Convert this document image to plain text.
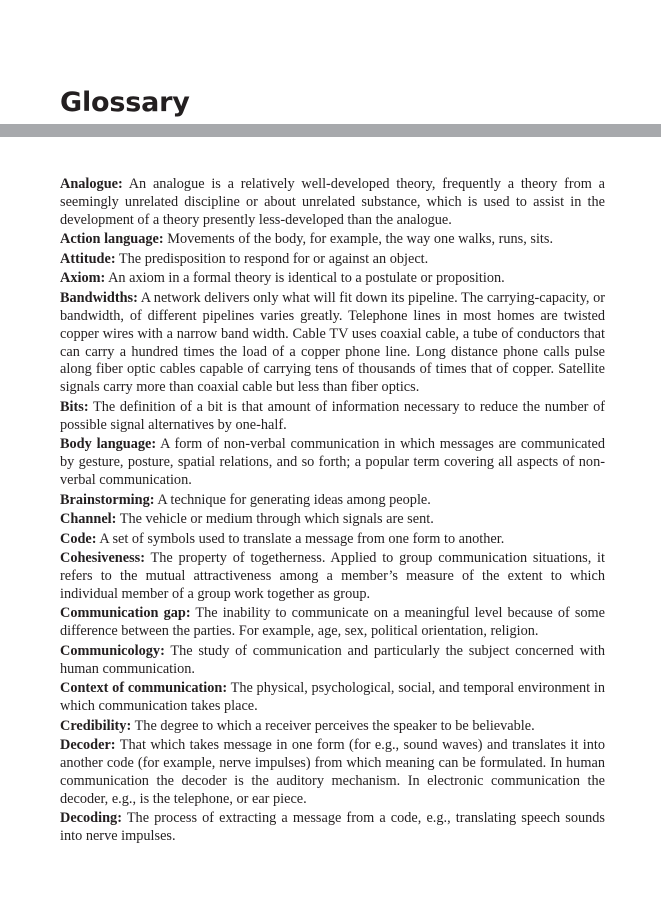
Glossary
Analogue: An analogue is a relatively well-developed theory, frequently a theory from a seemingly unrelated discipline or about unrelated substance, which is used to assist in the development of a theory presently less-developed than the analogue.
Action language: Movements of the body, for example, the way one walks, runs, sits.
Attitude: The predisposition to respond for or against an object.
Axiom: An axiom in a formal theory is identical to a postulate or proposition.
Bandwidths: A network delivers only what will fit down its pipeline. The carrying-capacity, or bandwidth, of different pipelines varies greatly. Telephone lines in most homes are twisted copper wires with a narrow band width. Cable TV uses coaxial cable, a tube of conductors that can carry a hundred times the load of a copper phone line. Long distance phone calls pulse along fiber optic cables capable of carrying tens of thousands of times that of copper. Satellite signals carry more than coaxial cable but less than fiber optics.
Bits: The definition of a bit is that amount of information necessary to reduce the number of possible signal alternatives by one-half.
Body language: A form of non-verbal communication in which messages are communicated by gesture, posture, spatial relations, and so forth; a popular term covering all aspects of non-verbal communication.
Brainstorming: A technique for generating ideas among people.
Channel: The vehicle or medium through which signals are sent.
Code: A set of symbols used to translate a message from one form to another.
Cohesiveness: The property of togetherness. Applied to group communication situations, it refers to the mutual attractiveness among a member’s measure of the extent to which individual member of a group work together as group.
Communication gap: The inability to communicate on a meaningful level because of some difference between the parties. For example, age, sex, political orientation, religion.
Communicology: The study of communication and particularly the subject concerned with human communication.
Context of communication: The physical, psychological, social, and temporal environment in which communication takes place.
Credibility: The degree to which a receiver perceives the speaker to be believable.
Decoder: That which takes message in one form (for e.g., sound waves) and translates it into another code (for example, nerve impulses) from which meaning can be formulated. In human communication the decoder is the auditory mechanism. In electronic communication the decoder, e.g., is the telephone, or ear piece.
Decoding: The process of extracting a message from a code, e.g., translating speech sounds into nerve impulses.
